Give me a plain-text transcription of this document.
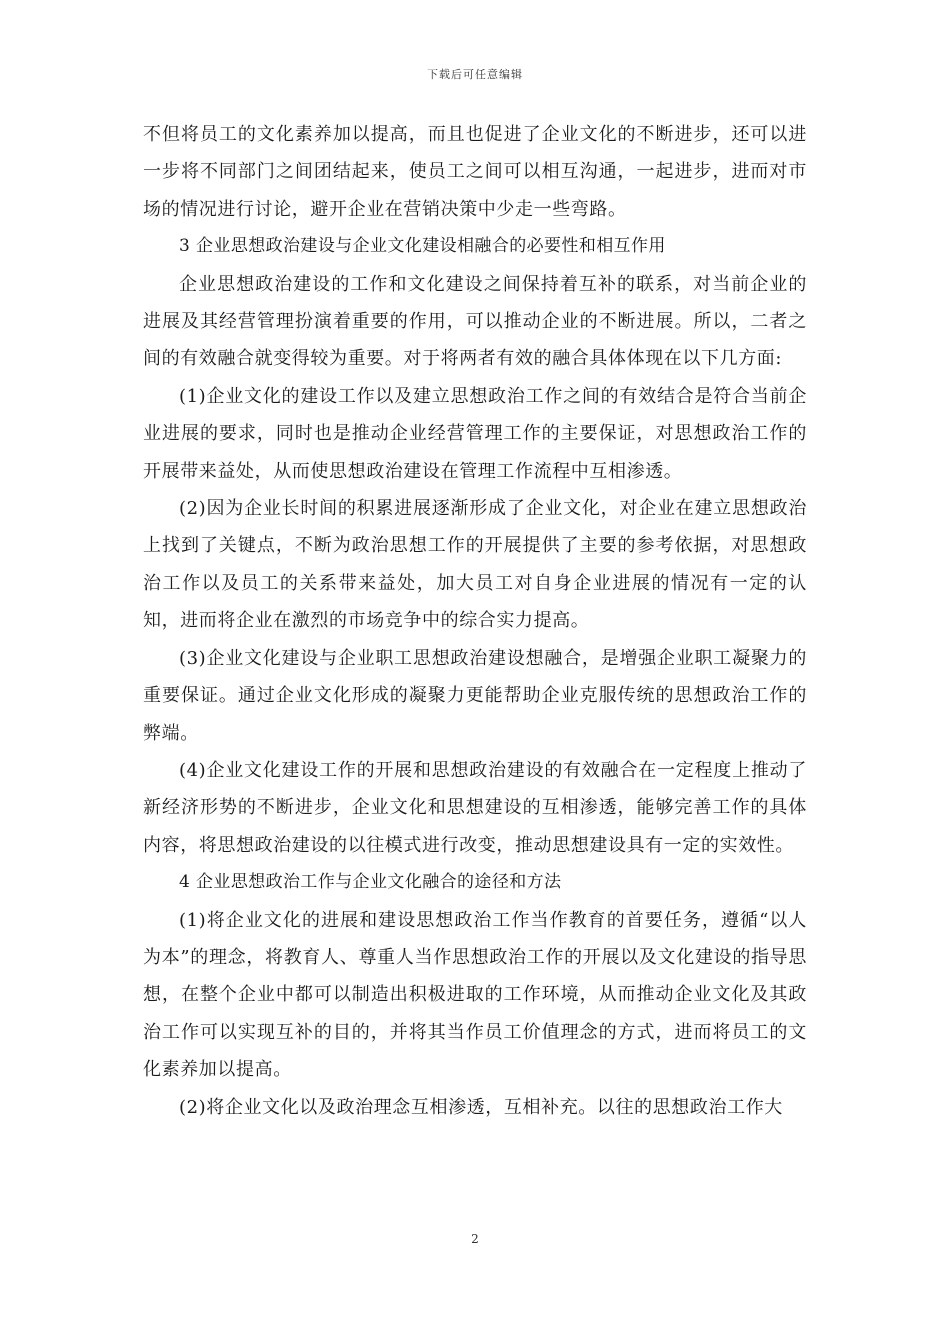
下载后可任意编辑

不但将员工的文化素养加以提高，而且也促进了企业文化的不断进步，还可以进一步将不同部门之间团结起来，使员工之间可以相互沟通，一起进步，进而对市场的情况进行讨论，避开企业在营销决策中少走一些弯路。

3 企业思想政治建设与企业文化建设相融合的必要性和相互作用

企业思想政治建设的工作和文化建设之间保持着互补的联系，对当前企业的进展及其经营管理扮演着重要的作用，可以推动企业的不断进展。所以，二者之间的有效融合就变得较为重要。对于将两者有效的融合具体体现在以下几方面:

(1)企业文化的建设工作以及建立思想政治工作之间的有效结合是符合当前企业进展的要求，同时也是推动企业经营管理工作的主要保证，对思想政治工作的开展带来益处，从而使思想政治建设在管理工作流程中互相渗透。

(2)因为企业长时间的积累进展逐渐形成了企业文化，对企业在建立思想政治上找到了关键点，不断为政治思想工作的开展提供了主要的参考依据，对思想政治工作以及员工的关系带来益处，加大员工对自身企业进展的情况有一定的认知，进而将企业在激烈的市场竞争中的综合实力提高。

(3)企业文化建设与企业职工思想政治建设想融合，是增强企业职工凝聚力的重要保证。通过企业文化形成的凝聚力更能帮助企业克服传统的思想政治工作的弊端。

(4)企业文化建设工作的开展和思想政治建设的有效融合在一定程度上推动了新经济形势的不断进步，企业文化和思想建设的互相渗透，能够完善工作的具体内容，将思想政治建设的以往模式进行改变，推动思想建设具有一定的实效性。

4 企业思想政治工作与企业文化融合的途径和方法

(1)将企业文化的进展和建设思想政治工作当作教育的首要任务，遵循“以人为本”的理念，将教育人、尊重人当作思想政治工作的开展以及文化建设的指导思想，在整个企业中都可以制造出积极进取的工作环境，从而推动企业文化及其政治工作可以实现互补的目的，并将其当作员工价值理念的方式，进而将员工的文化素养加以提高。

(2)将企业文化以及政治理念互相渗透，互相补充。以往的思想政治工作大

2
